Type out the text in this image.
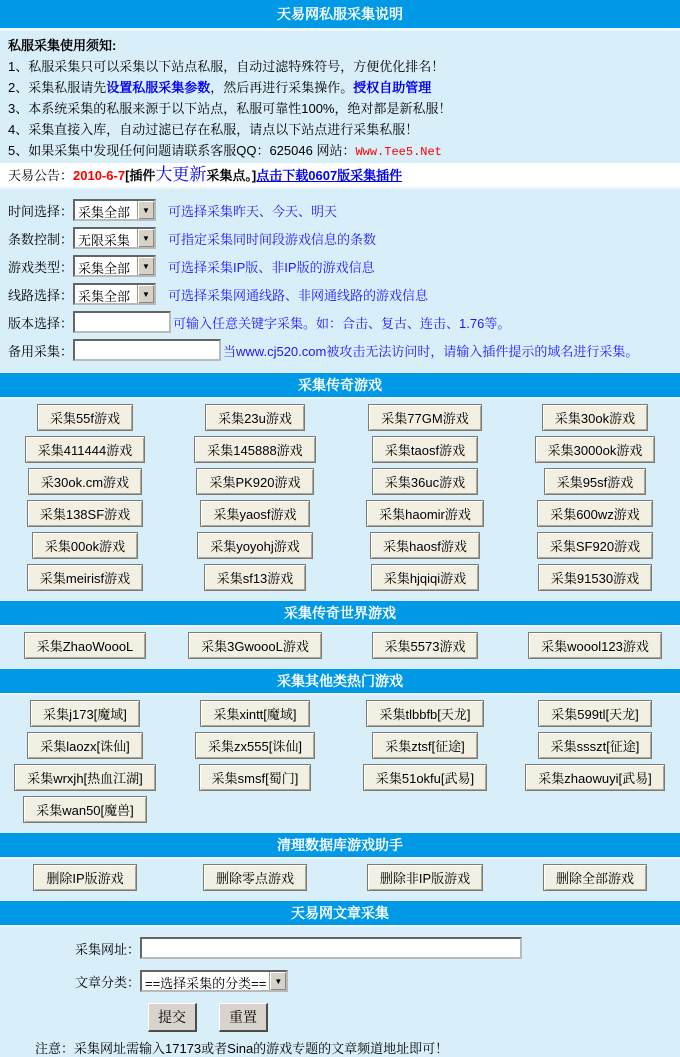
天易网私服采集说明
私服采集使用须知:
1、私服采集只可以采集以下站点私服，自动过滤特殊符号，方便优化排名！
2、采集私服请先设置私服采集参数，然后再进行采集操作。授权自助管理
3、本系统采集的私服来源于以下站点，私服可靠性100%，绝对都是新私服！
4、采集直接入库，自动过滤已存在私服，请点以下站点进行采集私服！
5、如果采集中发现任何问题请联系客服QQ：625046 网站：Www.Tee5.Net
天易公告：2010-6-7[插件大更新采集点。]点击下载0607版采集插件
时间选择： 采集全部	▼	可选择采集昨天、今天、明天
条数控制： 无限采集	▼	可指定采集同时间段游戏信息的条数
游戏类型： 采集全部	▼	可选择采集IP版、非IP版的游戏信息
线路选择： 采集全部	▼	可选择采集网通线路、非网通线路的游戏信息
版本选择：	可输入任意关键字采集。如：合击、复古、连击、1.76等。
备用采集：	当www.cj520.com被攻击无法访问时，请输入插件提示的域名进行采集。
采集传奇游戏
采集55f游戏	采集23u游戏	采集77GM游戏	采集30ok游戏
采集411444游戏	采集145888游戏	采集taosf游戏	采集3000ok游戏
采30ok.cm游戏	采集PK920游戏	采集36uc游戏	采集95sf游戏
采集138SF游戏	采集yaosf游戏	采集haomir游戏	采集600wz游戏
采集00ok游戏	采集yoyohj游戏	采集haosf游戏	采集SF920游戏
采集meirisf游戏	采集sf13游戏	采集hjqiqi游戏	采集91530游戏
采集传奇世界游戏
采集ZhaoWoooL	采集3GwoooL游戏	采集5573游戏	采集woool123游戏
采集其他类热门游戏
采集j173[魔域]	采集xintt[魔域]	采集tlbbfb[天龙]	采集599tl[天龙]
采集laozx[诛仙]	采集zx555[诛仙]	采集ztsf[征途]	采集ssszt[征途]
采集wrxjh[热血江湖]	采集smsf[蜀门]	采集51okfu[武易]	采集zhaowuyi[武易]
采集wan50[魔兽]
清理数据库游戏助手
删除IP版游戏	删除零点游戏	删除非IP版游戏	删除全部游戏
天易网文章采集
采集网址：
文章分类： ==选择采集的分类==	▼
提交	重置
注意：采集网址需输入17173或者Sina的游戏专题的文章频道地址即可！
